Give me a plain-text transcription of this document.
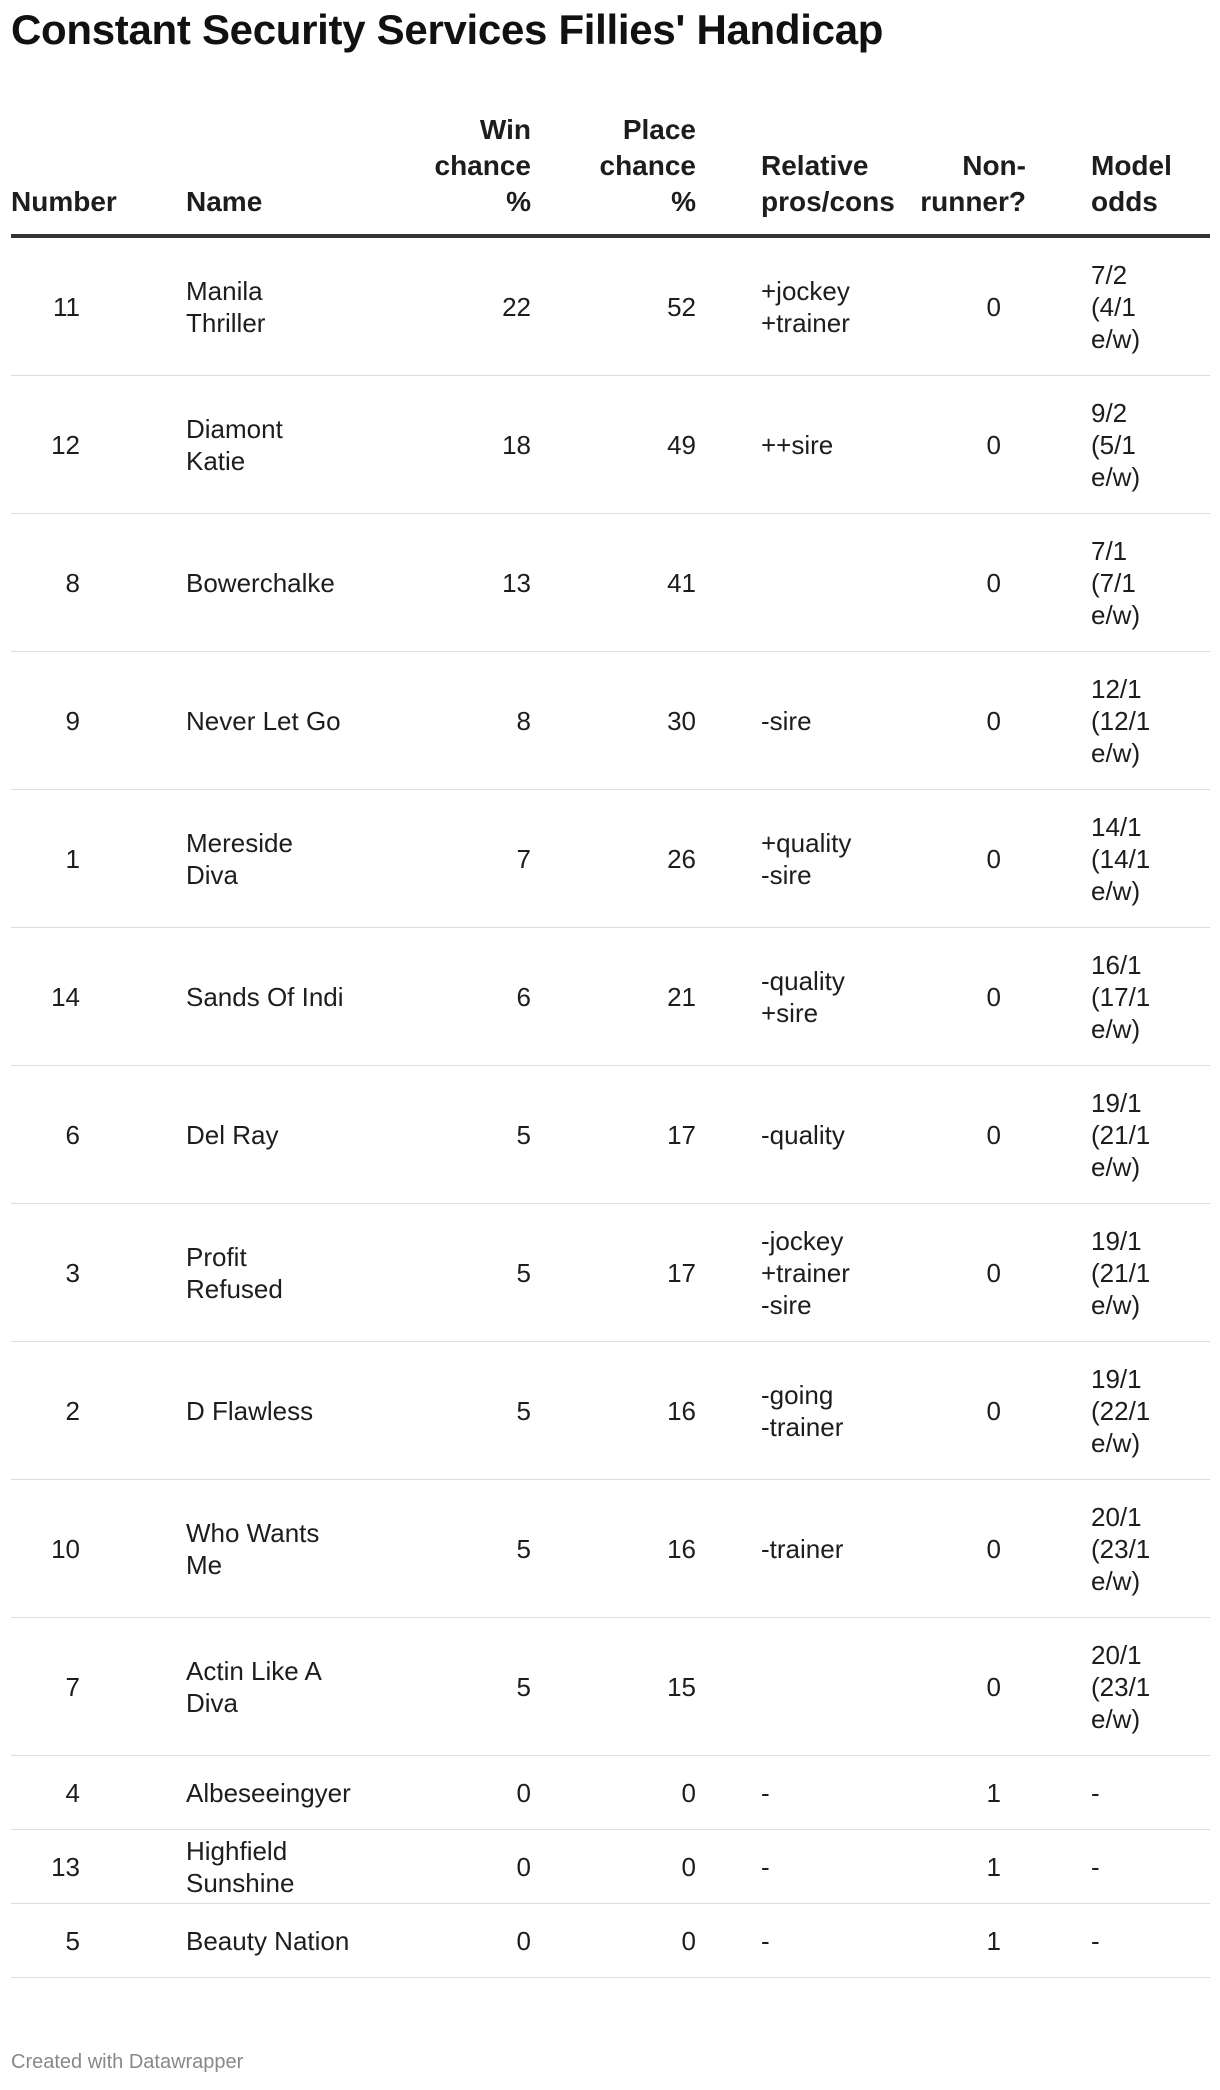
Constant Security Services Fillies' Handicap
Number	Name	Win
chance
%	Place
chance
%	Relative
pros/cons	Non-
runner?	Model
odds

11	Manila
Thriller	22	52	+jockey
+trainer	0	7/2
(4/1
e/w)

12	Diamont
Katie	18	49	++sire	0	9/2
(5/1
e/w)

8	Bowerchalke	13	41		0	7/1
(7/1
e/w)

9	Never Let Go	8	30	-sire	0	12/1
(12/1
e/w)

1	Mereside
Diva	7	26	+quality
-sire	0	14/1
(14/1
e/w)

14	Sands Of Indi	6	21	-quality
+sire	0	16/1
(17/1
e/w)

6	Del Ray	5	17	-quality	0	19/1
(21/1
e/w)

3	Profit
Refused	5	17	-jockey
+trainer
-sire	0	19/1
(21/1
e/w)

2	D Flawless	5	16	-going
-trainer	0	19/1
(22/1
e/w)

10	Who Wants
Me	5	16	-trainer	0	20/1
(23/1
e/w)

7	Actin Like A
Diva	5	15		0	20/1
(23/1
e/w)

4	Albeseeingyer	0	0	-	1	-

13	Highfield
Sunshine	0	0	-	1	-

5	Beauty Nation	0	0	-	1	-
Created with Datawrapper
